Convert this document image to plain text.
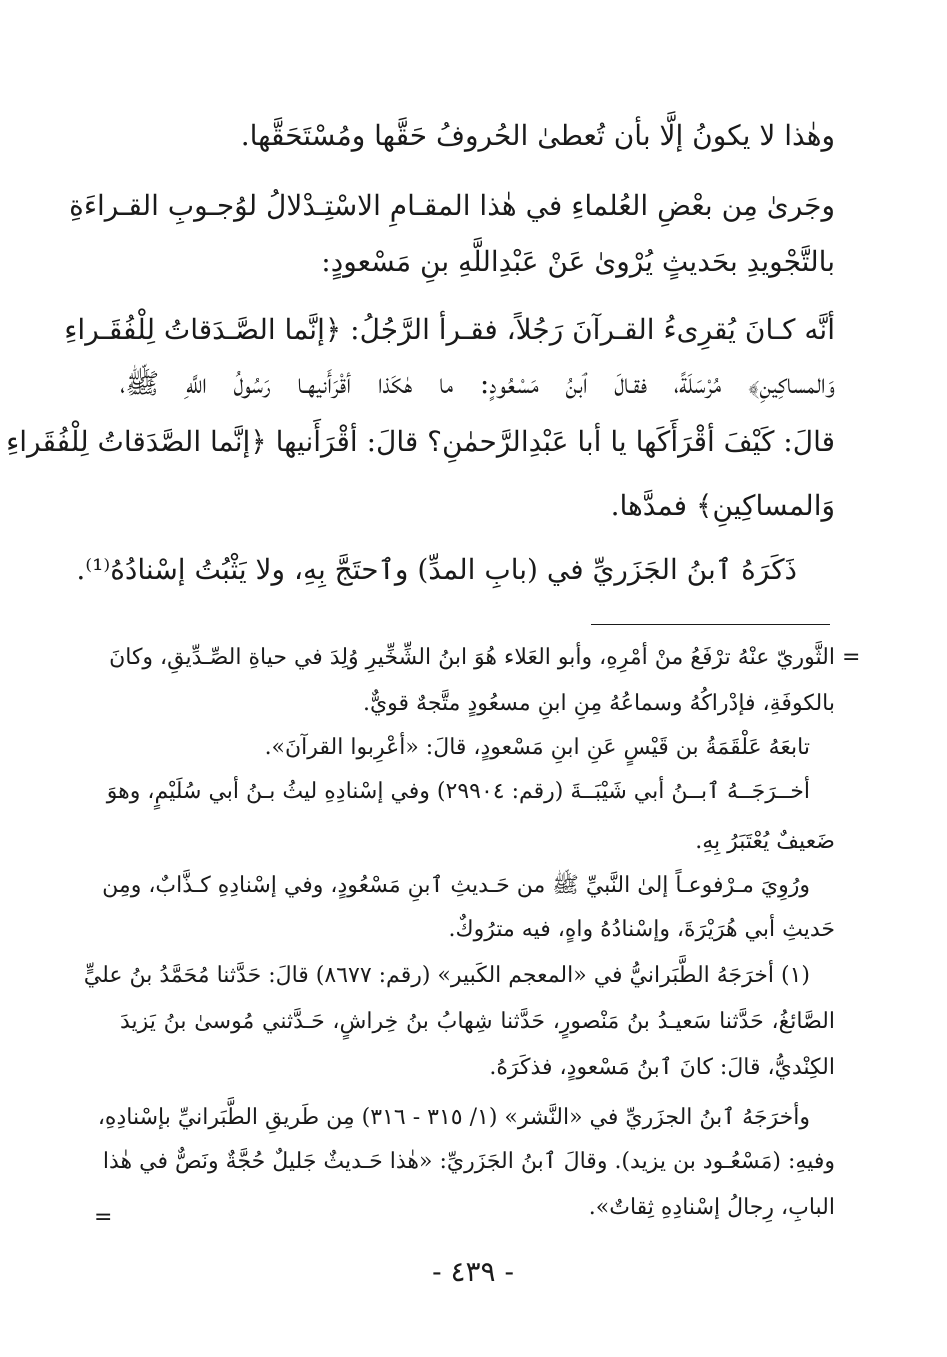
وهٰذا لا يكونُ إلَّا بأن تُعطىٰ الحُروفُ حَقَّها ومُسْتَحَقَّها.

وجَرىٰ مِن بعْضِ العُلماءِ في هٰذا المقـامِ الاسْتِـدْلالُ لوُجـوبِ القـراءَةِ

بالتَّجْويدِ بحَديثٍ يُرْوىٰ عَنْ عَبْدِاللَّهِ بنِ مَسْعودٍ:

أنَّه كـانَ يُقرِىءُ القـرآنَ رَجُلاً، فقـرأ الرَّجُلُ: ﴿إنَّما الصَّـدَقاتُ لِلْفُقَـراءِ

وَالمساكِينِ﴾ مُرْسَلَةً، فقـالَ ٱبنُ مَسْعُودٍ: ما هٰكَذا أقْرَأَنيهـا رَسُولُ اللَّهِ ﷺ،

قالَ: كَيْفَ أقْرَأَكَها يا أبا عَبْدِالرَّحمٰنِ؟ قالَ: أقْرَأَنيها ﴿إنَّما الصَّدَقاتُ لِلْفُقَراءِ

وَالمساكِينِ﴾ فمدَّها.

ذَكَرَهُ ٱبنُ الجَزَريِّ في (بابِ المدِّ) وٱحتَجَّ بِهِ، ولا يَثْبُتُ إسْنادُهُ⁽¹⁾.

=

الثَّوريّ عنْهُ ترْفَعُ منْ أمْرِهِ، وأبو العَلاء هُوَ ابنُ الشِّخِّيرِ وُلِدَ في حياةِ الصِّـدِّيقِ، وكانَ

بالكوفَةِ، فإدْراكُهُ وسماعُهُ مِنِ ابنِ مسعُودٍ متَّجهٌ قويٌّ.

تابعَهُ عَلْقَمَةُ بن قَيْسٍ عَنِ ابنِ مَسْعودٍ، قالَ: «أعْرِبوا القرآنَ».

أخــرَجَــهُ ٱبــنُ أبي شَيْبَــةَ (رقم: ٢٩٩٠٤) وفي إسْنادِهِ ليثُ بـنُ أبي سُلَيْمٍ، وهوَ

ضَعيفٌ يُعْتَبَرُ بِهِ.

ورُوِيَ مـرْفوعـاً إلىٰ النَّبيِّ ﷺ من حَـديثِ ٱبنِ مَسْعُودٍ، وفي إسْنادِهِ كـذَّابٌ، ومِن

حَديثِ أبي هُرَيْرَةَ، وإسْنادُهُ واهٍ، فيه مترُوكٌ.

(١) أخرَجَهُ الطَّبَرانيُّ في «المعجم الكَبير» (رقم: ٨٦٧٧) قالَ: حَدَّثنا مُحَمَّدُ بنُ عليٍّ

الصَّائغُ، حَدَّثنا سَعيـدُ بنُ مَنْصورٍ، حَدَّثنا شِهابُ بنُ خِراشٍ، حَـدَّثني مُوسىٰ بنُ يَزيدَ

الكِنْديُّ، قالَ: كانَ ٱبنُ مَسْعودٍ، فذكَرَهُ.

وأخرَجَهُ ٱبنُ الجزَريِّ في «النَّشر» (١/ ٣١٥ - ٣١٦) مِن طَريقِ الطَّبَرانيِّ بإسْنادِهِ،

وفيهِ: (مَسْعُـود بن يزيد). وقالَ ٱبنُ الجَزَريِّ: «هٰذا حَـديثٌ جَليلٌ حُجَّةٌ ونَصٌّ في هٰذا

البابِ، رِجالُ إسْنادِهِ ثِقاتٌ».

=
- ٤٣٩ -
